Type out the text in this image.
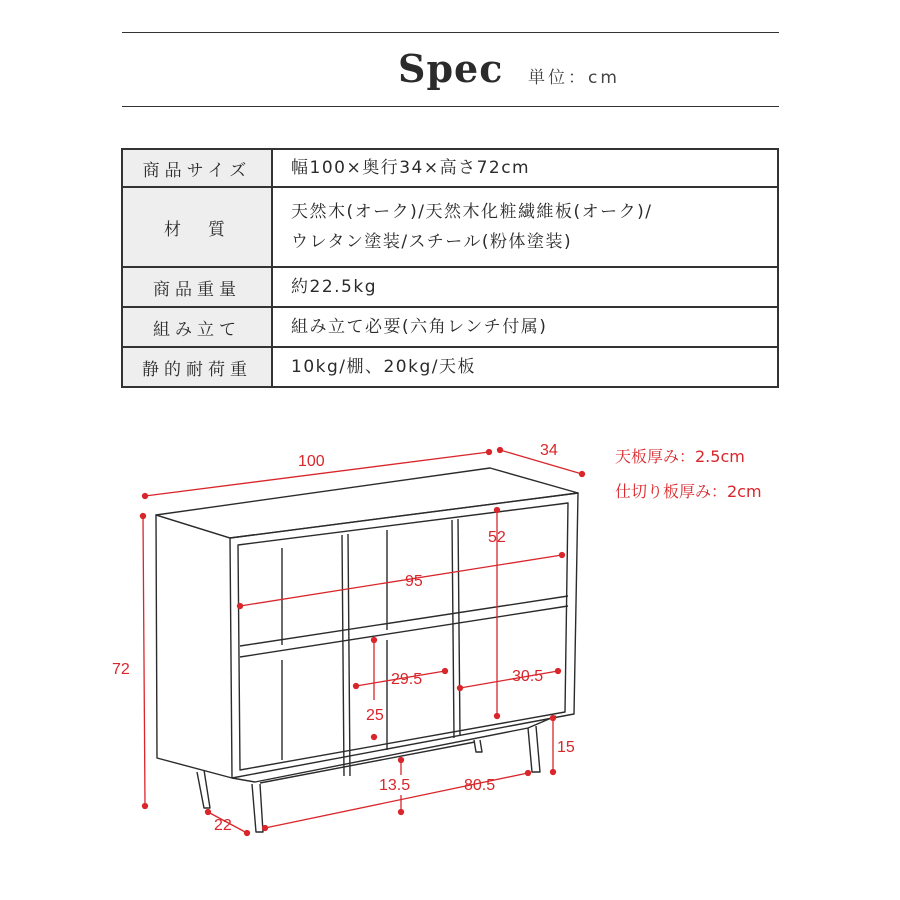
Spec 単位：cm
商品サイズ	幅100×奥行34×高さ72cm
材　質	天然木(オーク)/天然木化粧繊維板(オーク)/
ウレタン塗装/スチール(粉体塗装)

商品重量	約22.5kg
組み立て	組み立て必要(六角レンチ付属)
静的耐荷重	10kg/棚、20kg/天板
天板厚み：2.5cm
仕切り板厚み：2cm
100
34
72
52
95
29.5	30.5
25
15
13.5	80.5
22
